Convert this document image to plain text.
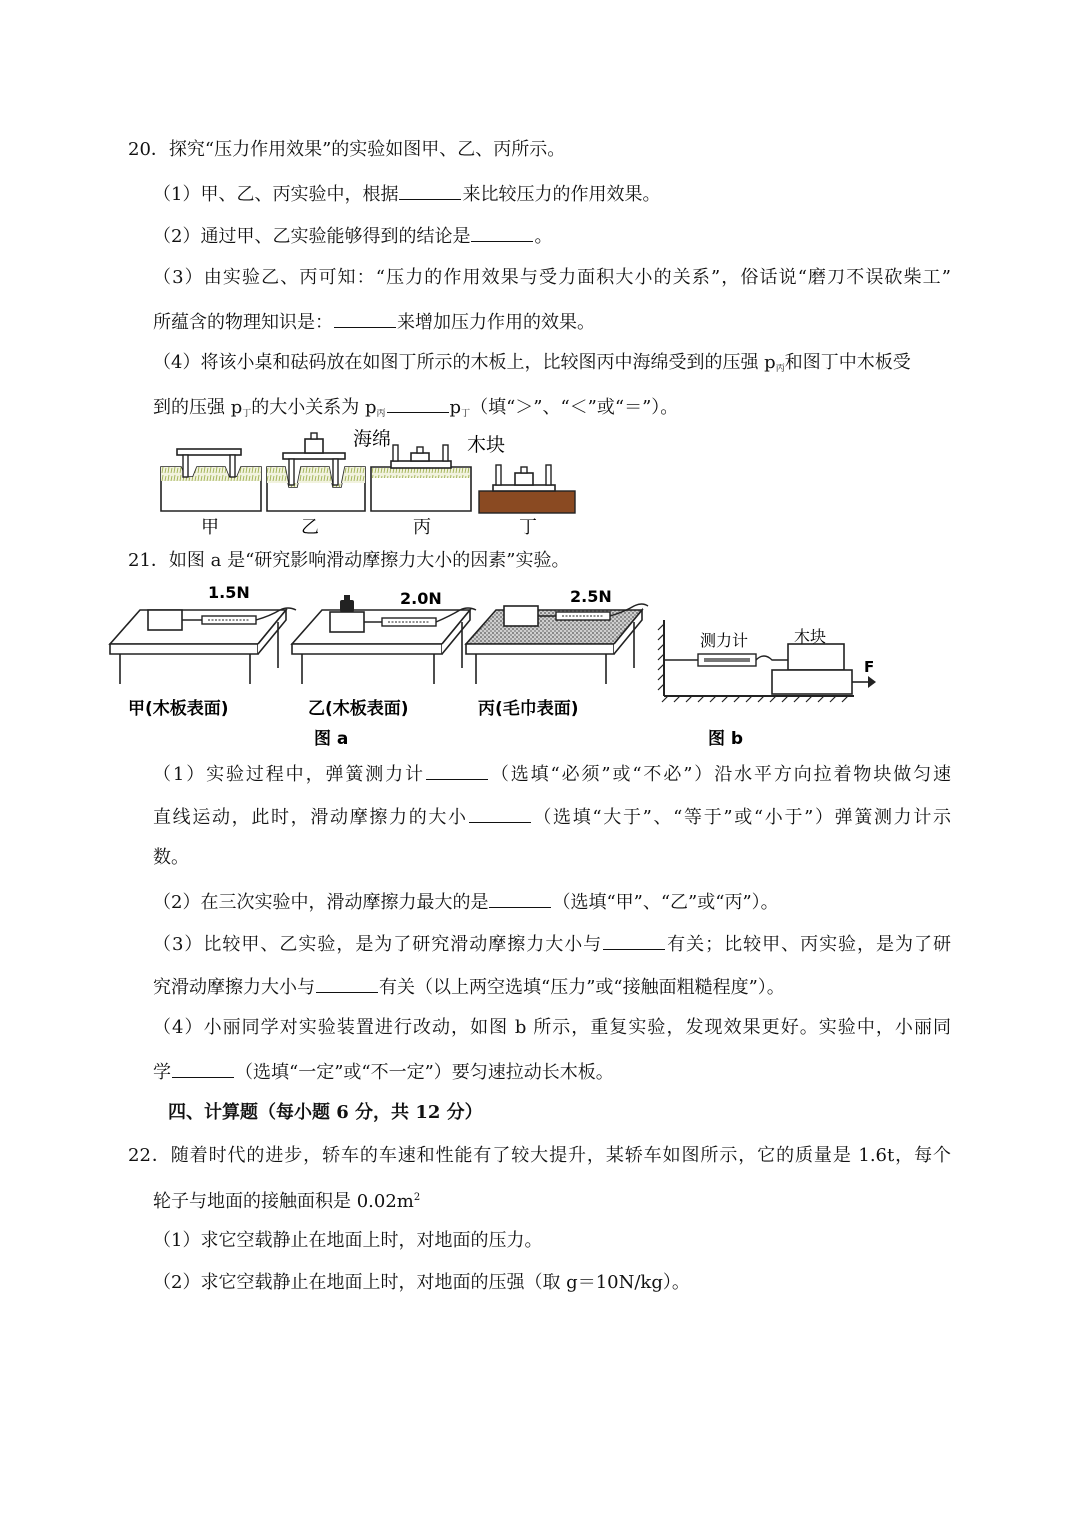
20．探究“压力作用效果”的实验如图甲、乙、丙所示。
（1）甲、乙、丙实验中，根据	来比较压力的作用效果。
（2）通过甲、乙实验能够得到的结论是	。
（3）由实验乙、丙可知：“压力的作用效果与受力面积大小的关系”，俗话说“磨刀不误砍柴工”
所蕴含的物理知识是：	来增加压力作用的效果。
（4）将该小桌和砝码放在如图丁所示的木板上，比较图丙中海绵受到的压强 $p_丙$和图丁中木板受
到的压强 $p_丁$的大小关系为 $p_丙$	$p_丁$（填“＞”、“＜”或“＝”）。
海绵	木块
甲	乙	丙	丁
21．如图 a 是“研究影响滑动摩擦力大小的因素”实验。
1.5N	2.0N	2.5N
甲(木板表面)	乙(木板表面)	丙(毛巾表面)
图 a	图 b
测力计	木块
F
（1）实验过程中，弹簧测力计	（选填“必须”或“不必”）沿水平方向拉着物块做匀速
直线运动，此时，滑动摩擦力的大小	（选填“大于”、“等于”或“小于”）弹簧测力计示
数。
（2）在三次实验中，滑动摩擦力最大的是	（选填“甲”、“乙”或“丙”）。
（3）比较甲、乙实验，是为了研究滑动摩擦力大小与	有关；比较甲、丙实验，是为了研
究滑动摩擦力大小与	有关（以上两空选填“压力”或“接触面粗糙程度”）。
（4）小丽同学对实验装置进行改动，如图 b 所示，重复实验，发现效果更好。实验中，小丽同
学	（选填“一定”或“不一定”）要匀速拉动长木板。
四、计算题（每小题 6 分，共 12 分）
22．随着时代的进步，轿车的车速和性能有了较大提升，某轿车如图所示，它的质量是 1.6t，每个
轮子与地面的接触面积是 $0.02m^2$
（1）求它空载静止在地面上时，对地面的压力。
（2）求它空载静止在地面上时，对地面的压强（取 g＝10N/kg）。
